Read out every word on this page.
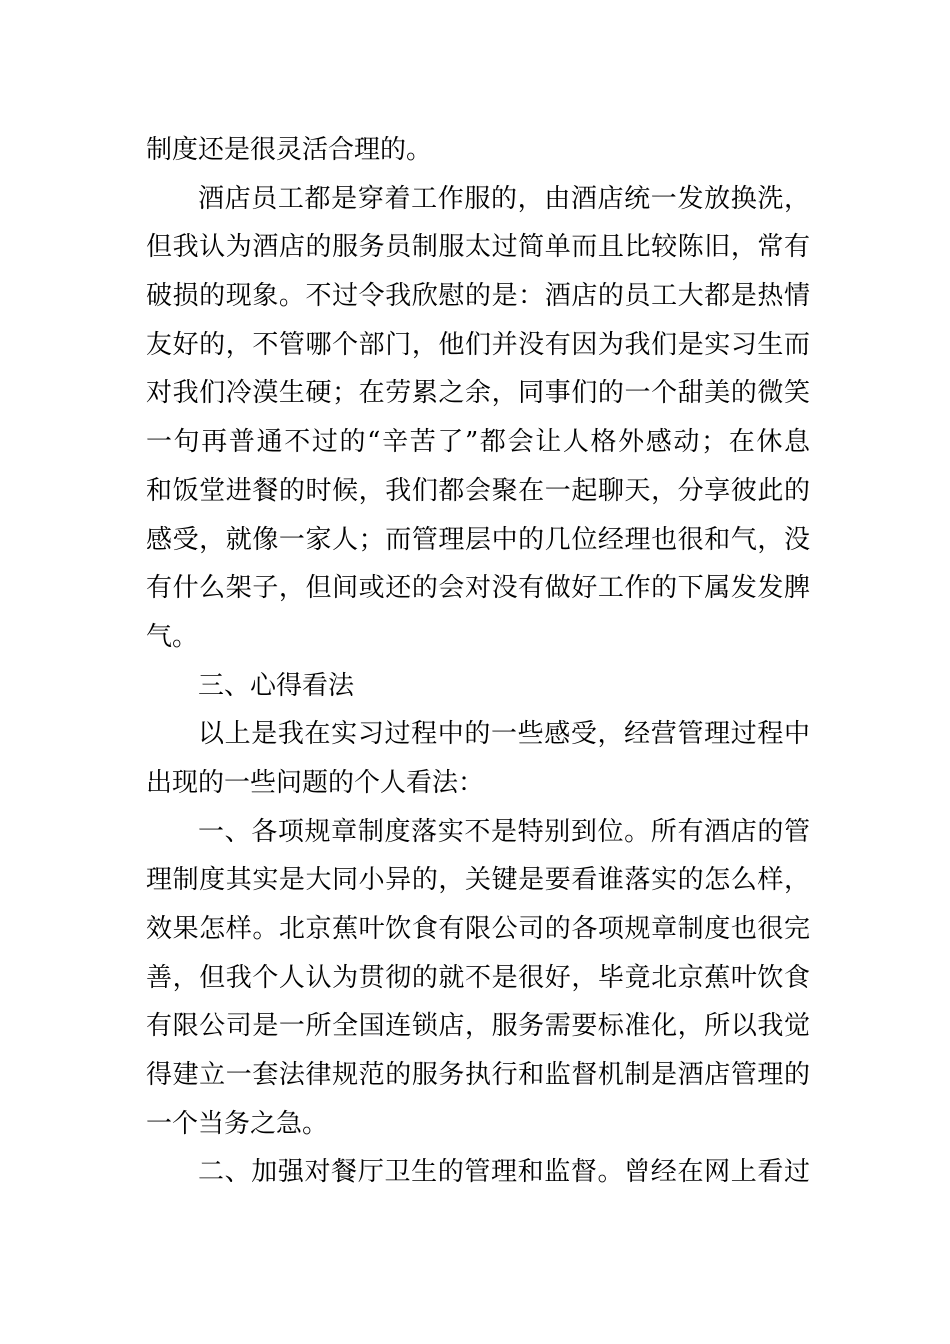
制度还是很灵活合理的。
酒店员工都是穿着工作服的，由酒店统一发放换洗，
但我认为酒店的服务员制服太过简单而且比较陈旧，常有
破损的现象。不过令我欣慰的是：酒店的员工大都是热情
友好的，不管哪个部门，他们并没有因为我们是实习生而
对我们冷漠生硬；在劳累之余，同事们的一个甜美的微笑
一句再普通不过的“辛苦了”都会让人格外感动；在休息
和饭堂进餐的时候，我们都会聚在一起聊天，分享彼此的
感受，就像一家人；而管理层中的几位经理也很和气，没
有什么架子，但间或还的会对没有做好工作的下属发发脾
气。
三、心得看法
以上是我在实习过程中的一些感受，经营管理过程中
出现的一些问题的个人看法：
一、各项规章制度落实不是特别到位。所有酒店的管
理制度其实是大同小异的，关键是要看谁落实的怎么样，
效果怎样。北京蕉叶饮食有限公司的各项规章制度也很完
善，但我个人认为贯彻的就不是很好，毕竟北京蕉叶饮食
有限公司是一所全国连锁店，服务需要标准化，所以我觉
得建立一套法律规范的服务执行和监督机制是酒店管理的
一个当务之急。
二、加强对餐厅卫生的管理和监督。曾经在网上看过
